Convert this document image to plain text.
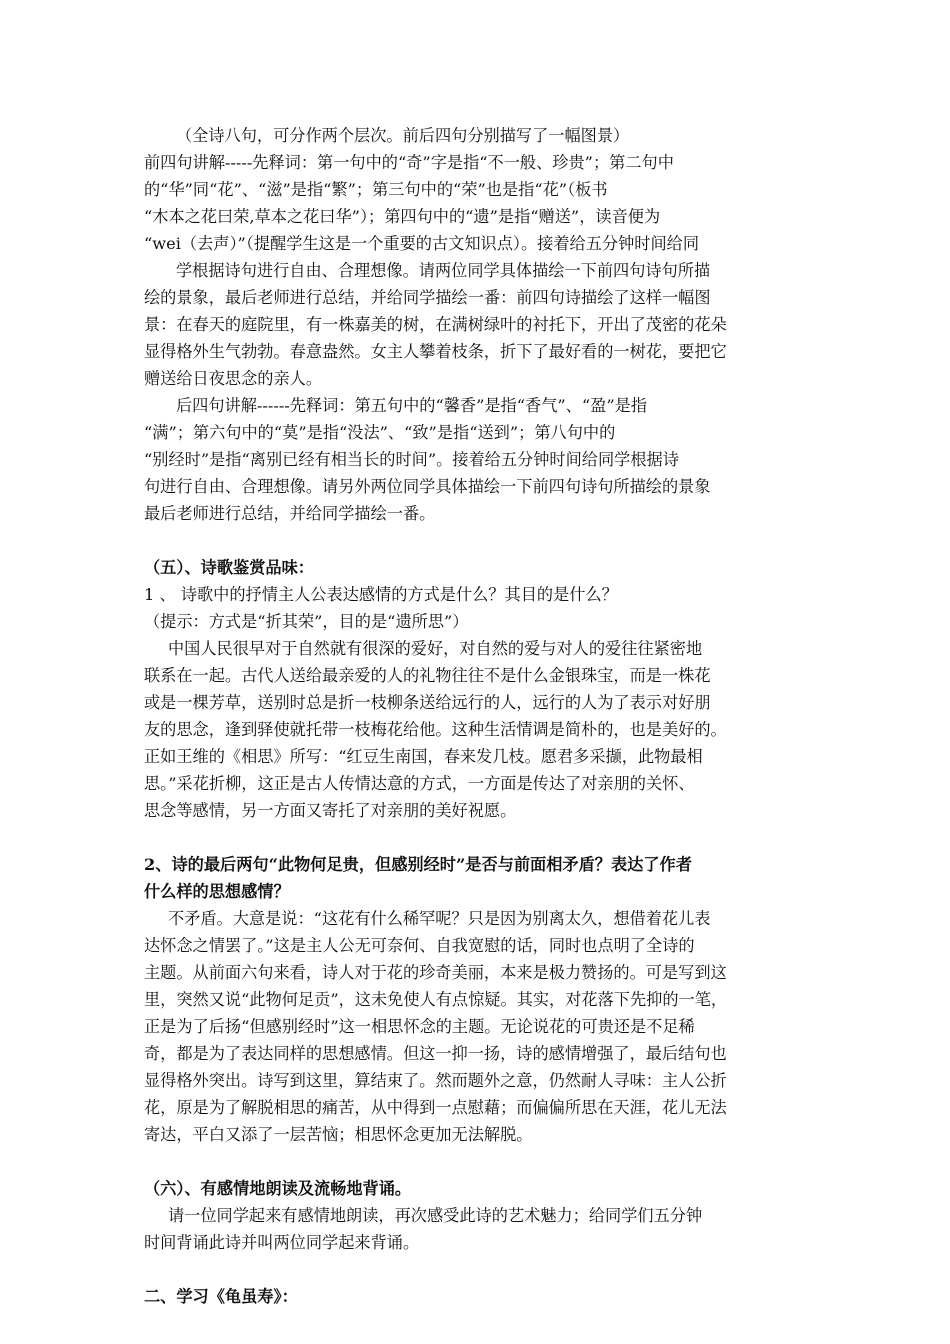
（全诗八句，可分作两个层次。前后四句分别描写了一幅图景）

前四句讲解-----先释词：第一句中的“奇”字是指“不一般、珍贵”；第二句中

的“华”同“花”、“滋”是指“繁”；第三句中的“荣”也是指“花”（板书

“木本之花曰荣,草本之花曰华”）；第四句中的“遗”是指“赠送”，读音便为

“wei（去声）”（提醒学生这是一个重要的古文知识点）。接着给五分钟时间给同

学根据诗句进行自由、合理想像。请两位同学具体描绘一下前四句诗句所描

绘的景象，最后老师进行总结，并给同学描绘一番：前四句诗描绘了这样一幅图

景：在春天的庭院里，有一株嘉美的树，在满树绿叶的衬托下，开出了茂密的花朵

显得格外生气勃勃。春意盎然。女主人攀着枝条，折下了最好看的一树花，要把它

赠送给日夜思念的亲人。

后四句讲解------先释词：第五句中的“馨香”是指“香气”、“盈”是指

“满”；第六句中的“莫”是指“没法”、“致”是指“送到”；第八句中的

“别经时”是指“离别已经有相当长的时间”。接着给五分钟时间给同学根据诗

句进行自由、合理想像。请另外两位同学具体描绘一下前四句诗句所描绘的景象

最后老师进行总结，并给同学描绘一番。

（五）、诗歌鉴赏品味：

1 、 诗歌中的抒情主人公表达感情的方式是什么？其目的是什么？

（提示：方式是“折其荣”，目的是“遗所思”）

中国人民很早对于自然就有很深的爱好，对自然的爱与对人的爱往往紧密地

联系在一起。古代人送给最亲爱的人的礼物往往不是什么金银珠宝，而是一株花

或是一棵芳草，送别时总是折一枝柳条送给远行的人，远行的人为了表示对好朋

友的思念，逢到驿使就托带一枝梅花给他。这种生活情调是简朴的，也是美好的。

正如王维的《相思》所写：“红豆生南国，春来发几枝。愿君多采撷，此物最相

思。”采花折柳，这正是古人传情达意的方式，一方面是传达了对亲朋的关怀、

思念等感情，另一方面又寄托了对亲朋的美好祝愿。

2、诗的最后两句“此物何足贵，但感别经时”是否与前面相矛盾？表达了作者

什么样的思想感情？

不矛盾。大意是说：“这花有什么稀罕呢？只是因为别离太久，想借着花儿表

达怀念之情罢了。”这是主人公无可奈何、自我宽慰的话，同时也点明了全诗的

主题。从前面六句来看，诗人对于花的珍奇美丽，本来是极力赞扬的。可是写到这

里，突然又说“此物何足贡”，这未免使人有点惊疑。其实，对花落下先抑的一笔，

正是为了后扬“但感别经时”这一相思怀念的主题。无论说花的可贵还是不足稀

奇，都是为了表达同样的思想感情。但这一抑一扬，诗的感情增强了，最后结句也

显得格外突出。诗写到这里，算结束了。然而题外之意，仍然耐人寻味：主人公折

花，原是为了解脱相思的痛苦，从中得到一点慰藉；而偏偏所思在天涯，花儿无法

寄达，平白又添了一层苦恼；相思怀念更加无法解脱。

（六）、有感情地朗读及流畅地背诵。

请一位同学起来有感情地朗读，再次感受此诗的艺术魅力；给同学们五分钟

时间背诵此诗并叫两位同学起来背诵。

二、学习《龟虽寿》：
